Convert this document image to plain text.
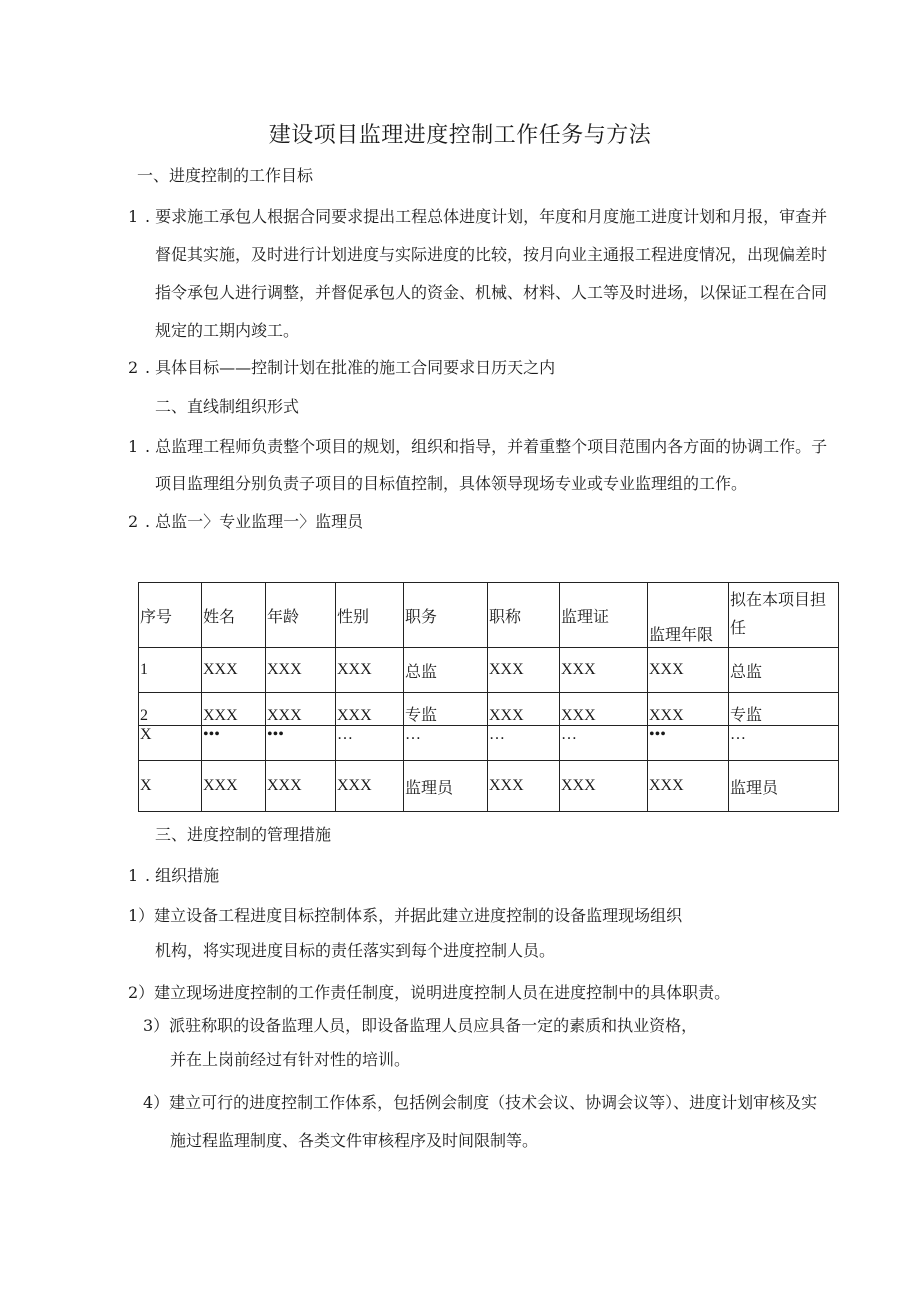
建设项目监理进度控制工作任务与方法
一、进度控制的工作目标
1 . 要求施工承包人根据合同要求提出工程总体进度计划，年度和月度施工进度计划和月报，审查并
督促其实施，及时进行计划进度与实际进度的比较，按月向业主通报工程进度情况，出现偏差时
指令承包人进行调整，并督促承包人的资金、机械、材料、人工等及时进场，以保证工程在合同
规定的工期内竣工。
2 . 具体目标——控制计划在批准的施工合同要求日历天之内
二、直线制组织形式
1 . 总监理工程师负责整个项目的规划，组织和指导，并着重整个项目范围内各方面的协调工作。子
项目监理组分别负责子项目的目标值控制，具体领导现场专业或专业监理组的工作。
2 . 总监一〉专业监理一〉监理员
序号	姓名	年龄	性别	职务	职称	监理证	监理年限	拟在本项目担任
1	XXX	XXX	XXX	总监	XXX	XXX	XXX	总监
2	XXX	XXX	XXX	专监	XXX	XXX	XXX	专监
X	•••	•••	…	…	…	…	•••	…
X	XXX	XXX	XXX	监理员	XXX	XXX	XXX	监理员
三、进度控制的管理措施
1 . 组织措施
1）建立设备工程进度目标控制体系，并据此建立进度控制的设备监理现场组织
机构，将实现进度目标的责任落实到每个进度控制人员。
2）建立现场进度控制的工作责任制度，说明进度控制人员在进度控制中的具体职责。
3）派驻称职的设备监理人员，即设备监理人员应具备一定的素质和执业资格，
并在上岗前经过有针对性的培训。
4）建立可行的进度控制工作体系，包括例会制度（技术会议、协调会议等）、进度计划审核及实
施过程监理制度、各类文件审核程序及时间限制等。
